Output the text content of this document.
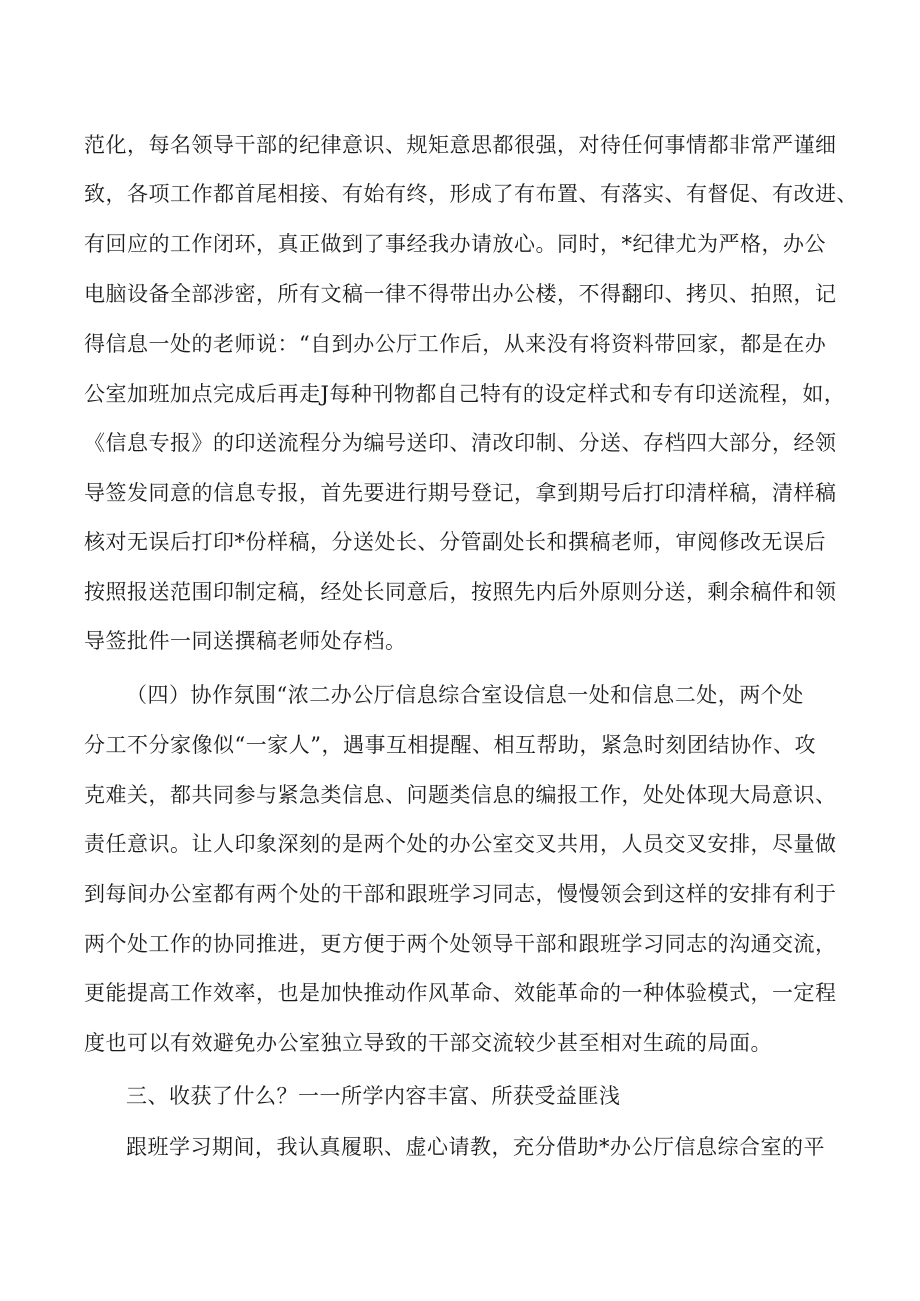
范化，每名领导干部的纪律意识、规矩意思都很强，对待任何事情都非常严谨细
致，各项工作都首尾相接、有始有终，形成了有布置、有落实、有督促、有改进、
有回应的工作闭环，真正做到了事经我办请放心。同时，*纪律尤为严格，办公
电脑设备全部涉密，所有文稿一律不得带出办公楼，不得翻印、拷贝、拍照，记
得信息一处的老师说：“自到办公厅工作后，从来没有将资料带回家，都是在办
公室加班加点完成后再走J每种刊物都自己特有的设定样式和专有印送流程，如，
《信息专报》的印送流程分为编号送印、清改印制、分送、存档四大部分，经领
导签发同意的信息专报，首先要进行期号登记，拿到期号后打印清样稿，清样稿
核对无误后打印*份样稿，分送处长、分管副处长和撰稿老师，审阅修改无误后
按照报送范围印制定稿，经处长同意后，按照先内后外原则分送，剩余稿件和领
导签批件一同送撰稿老师处存档。
（四）协作氛围“浓二办公厅信息综合室设信息一处和信息二处，两个处
分工不分家像似“一家人”，遇事互相提醒、相互帮助，紧急时刻团结协作、攻
克难关，都共同参与紧急类信息、问题类信息的编报工作，处处体现大局意识、
责任意识。让人印象深刻的是两个处的办公室交叉共用，人员交叉安排，尽量做
到每间办公室都有两个处的干部和跟班学习同志，慢慢领会到这样的安排有利于
两个处工作的协同推进，更方便于两个处领导干部和跟班学习同志的沟通交流，
更能提高工作效率，也是加快推动作风革命、效能革命的一种体验模式，一定程
度也可以有效避免办公室独立导致的干部交流较少甚至相对生疏的局面。
三、收获了什么？一一所学内容丰富、所获受益匪浅
跟班学习期间，我认真履职、虚心请教，充分借助*办公厅信息综合室的平
